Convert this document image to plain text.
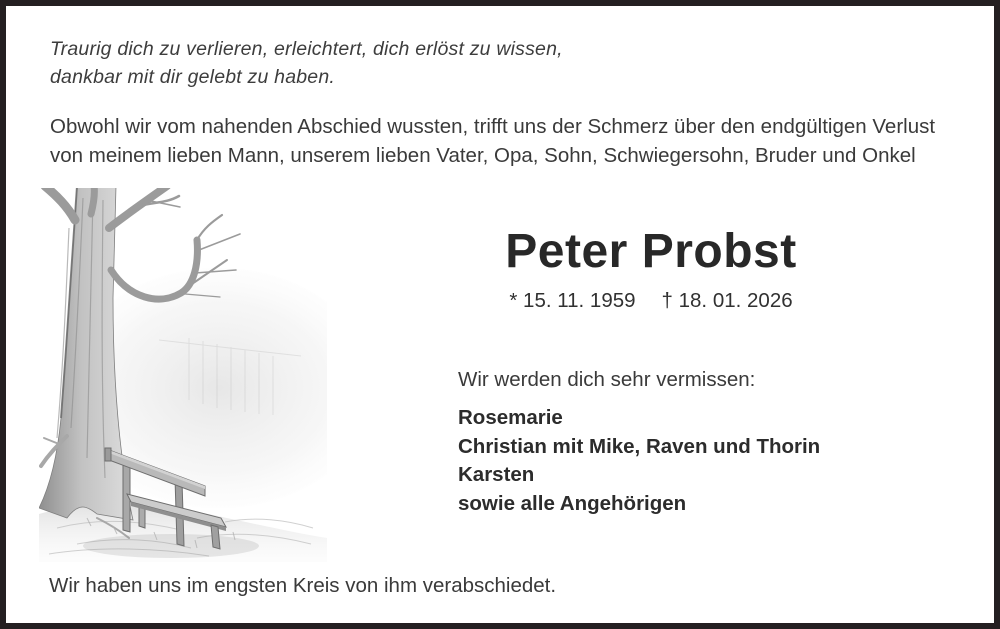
Traurig dich zu verlieren, erleichtert, dich erlöst zu wissen,
dankbar mit dir gelebt zu haben.
Obwohl wir vom nahenden Abschied wussten, trifft uns der Schmerz über den endgültigen Verlust
von meinem lieben Mann, unserem lieben Vater, Opa, Sohn, Schwiegersohn, Bruder und Onkel
Peter Probst
* 15. 11. 1959 † 18. 01. 2026
Wir werden dich sehr vermissen:
Rosemarie
Christian mit Mike, Raven und Thorin
Karsten
sowie alle Angehörigen
Wir haben uns im engsten Kreis von ihm verabschiedet.
